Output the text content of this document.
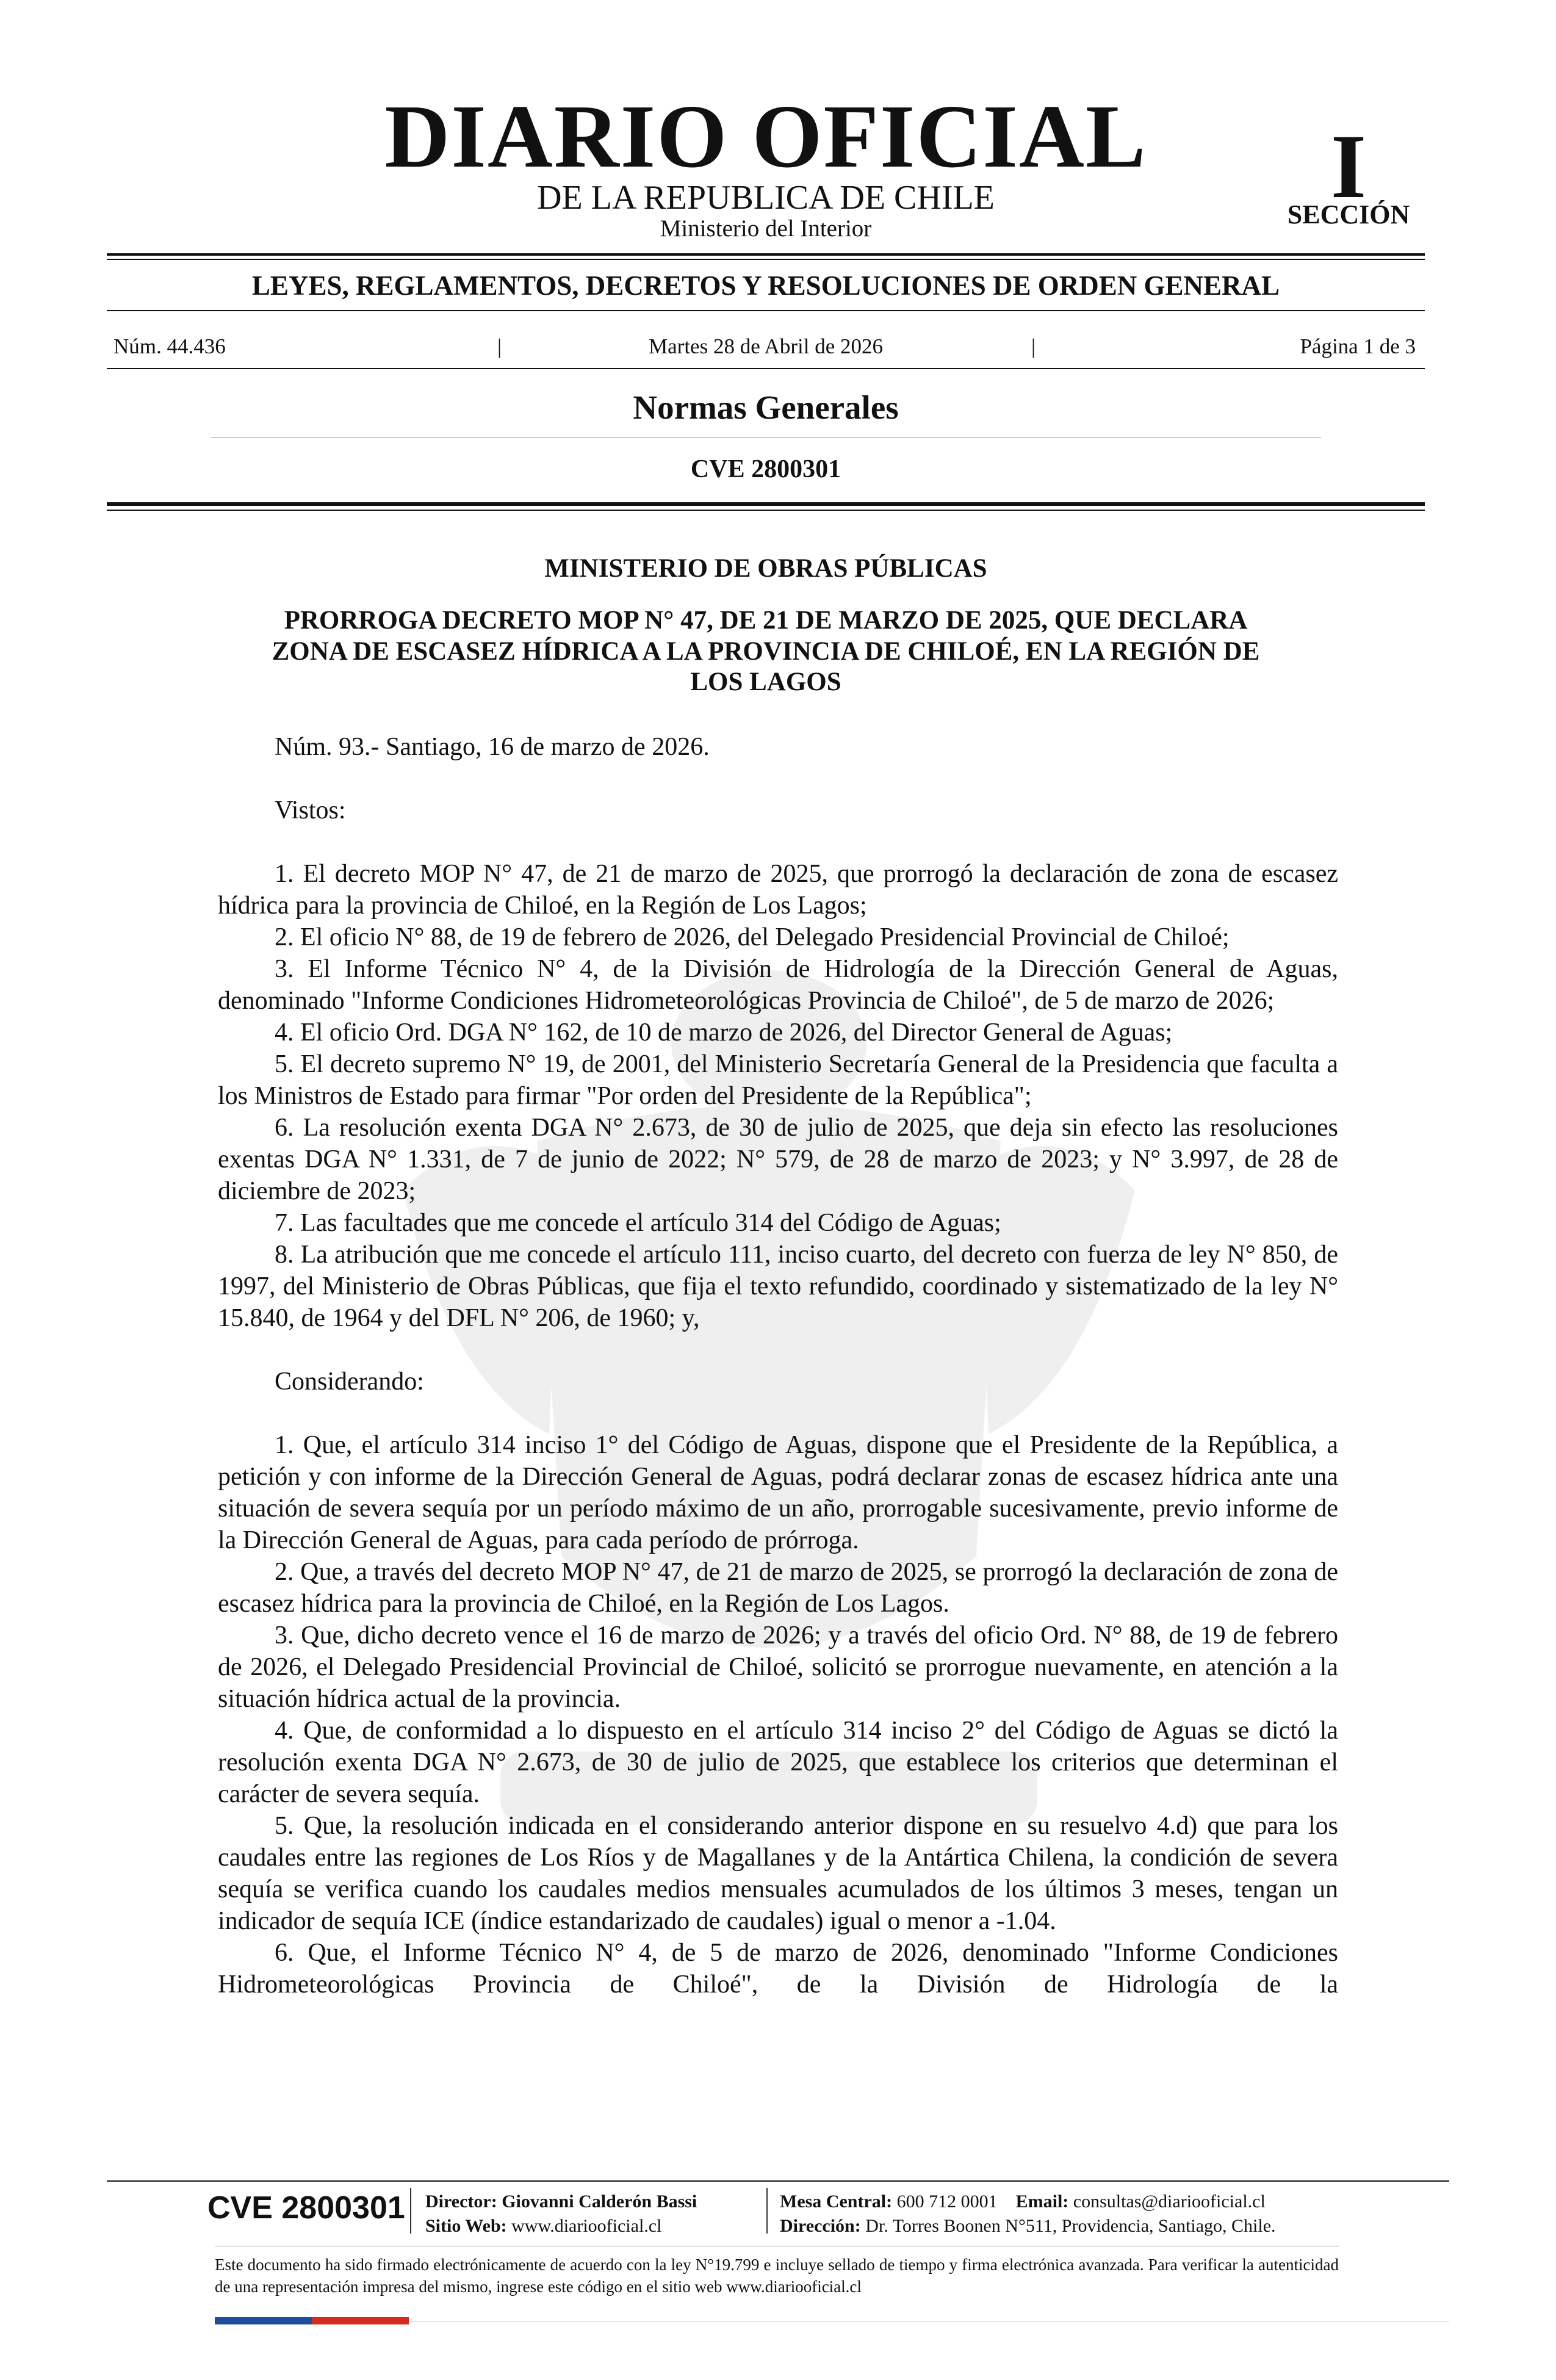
DIARIO OFICIAL
DE LA REPUBLICA DE CHILE
Ministerio del Interior
I
SECCIÓN
LEYES, REGLAMENTOS, DECRETOS Y RESOLUCIONES DE ORDEN GENERAL
Núm. 44.436	|	Martes 28 de Abril de 2026	|	Página 1 de 3
Normas Generales
CVE 2800301
MINISTERIO DE OBRAS PÚBLICAS
PRORROGA DECRETO MOP N° 47, DE 21 DE MARZO DE 2025, QUE DECLARA
ZONA DE ESCASEZ HÍDRICA A LA PROVINCIA DE CHILOÉ, EN LA REGIÓN DE
LOS LAGOS

Núm. 93.- Santiago, 16 de marzo de 2026.

Vistos:

1. El decreto MOP N° 47, de 21 de marzo de 2025, que prorrogó la declaración de zona de escasez hídrica para la provincia de Chiloé, en la Región de Los Lagos;

2. El oficio N° 88, de 19 de febrero de 2026, del Delegado Presidencial Provincial de Chiloé;

3. El Informe Técnico N° 4, de la División de Hidrología de la Dirección General de Aguas, denominado "Informe Condiciones Hidrometeorológicas Provincia de Chiloé", de 5 de marzo de 2026;

4. El oficio Ord. DGA N° 162, de 10 de marzo de 2026, del Director General de Aguas;

5. El decreto supremo N° 19, de 2001, del Ministerio Secretaría General de la Presidencia que faculta a los Ministros de Estado para firmar "Por orden del Presidente de la República";

6. La resolución exenta DGA N° 2.673, de 30 de julio de 2025, que deja sin efecto las resoluciones exentas DGA N° 1.331, de 7 de junio de 2022; N° 579, de 28 de marzo de 2023; y N° 3.997, de 28 de diciembre de 2023;

7. Las facultades que me concede el artículo 314 del Código de Aguas;

8. La atribución que me concede el artículo 111, inciso cuarto, del decreto con fuerza de ley N° 850, de 1997, del Ministerio de Obras Públicas, que fija el texto refundido, coordinado y sistematizado de la ley N° 15.840, de 1964 y del DFL N° 206, de 1960; y,

Considerando:

1. Que, el artículo 314 inciso 1° del Código de Aguas, dispone que el Presidente de la República, a petición y con informe de la Dirección General de Aguas, podrá declarar zonas de escasez hídrica ante una situación de severa sequía por un período máximo de un año, prorrogable sucesivamente, previo informe de la Dirección General de Aguas, para cada período de prórroga.

2. Que, a través del decreto MOP N° 47, de 21 de marzo de 2025, se prorrogó la declaración de zona de escasez hídrica para la provincia de Chiloé, en la Región de Los Lagos.

3. Que, dicho decreto vence el 16 de marzo de 2026; y a través del oficio Ord. N° 88, de 19 de febrero de 2026, el Delegado Presidencial Provincial de Chiloé, solicitó se prorrogue nuevamente, en atención a la situación hídrica actual de la provincia.

4. Que, de conformidad a lo dispuesto en el artículo 314 inciso 2° del Código de Aguas se dictó la resolución exenta DGA N° 2.673, de 30 de julio de 2025, que establece los criterios que determinan el carácter de severa sequía.

5. Que, la resolución indicada en el considerando anterior dispone en su resuelvo 4.d) que para los caudales entre las regiones de Los Ríos y de Magallanes y de la Antártica Chilena, la condición de severa sequía se verifica cuando los caudales medios mensuales acumulados de los últimos 3 meses, tengan un indicador de sequía ICE (índice estandarizado de caudales) igual o menor a -1.04.

6. Que, el Informe Técnico N° 4, de 5 de marzo de 2026, denominado "Informe Condiciones Hidrometeorológicas Provincia de Chiloé", de la División de Hidrología de la

CVE 2800301 Director: Giovanni Calderón Bassi
Sitio Web: www.diariooficial.cl
Mesa Central: 600 712 0001 Email: consultas@diariooficial.cl
Dirección: Dr. Torres Boonen N°511, Providencia, Santiago, Chile.
Este documento ha sido firmado electrónicamente de acuerdo con la ley N°19.799 e incluye sellado de tiempo y firma electrónica avanzada. Para verificar la autenticidad de una representación impresa del mismo, ingrese este código en el sitio web www.diariooficial.cl
